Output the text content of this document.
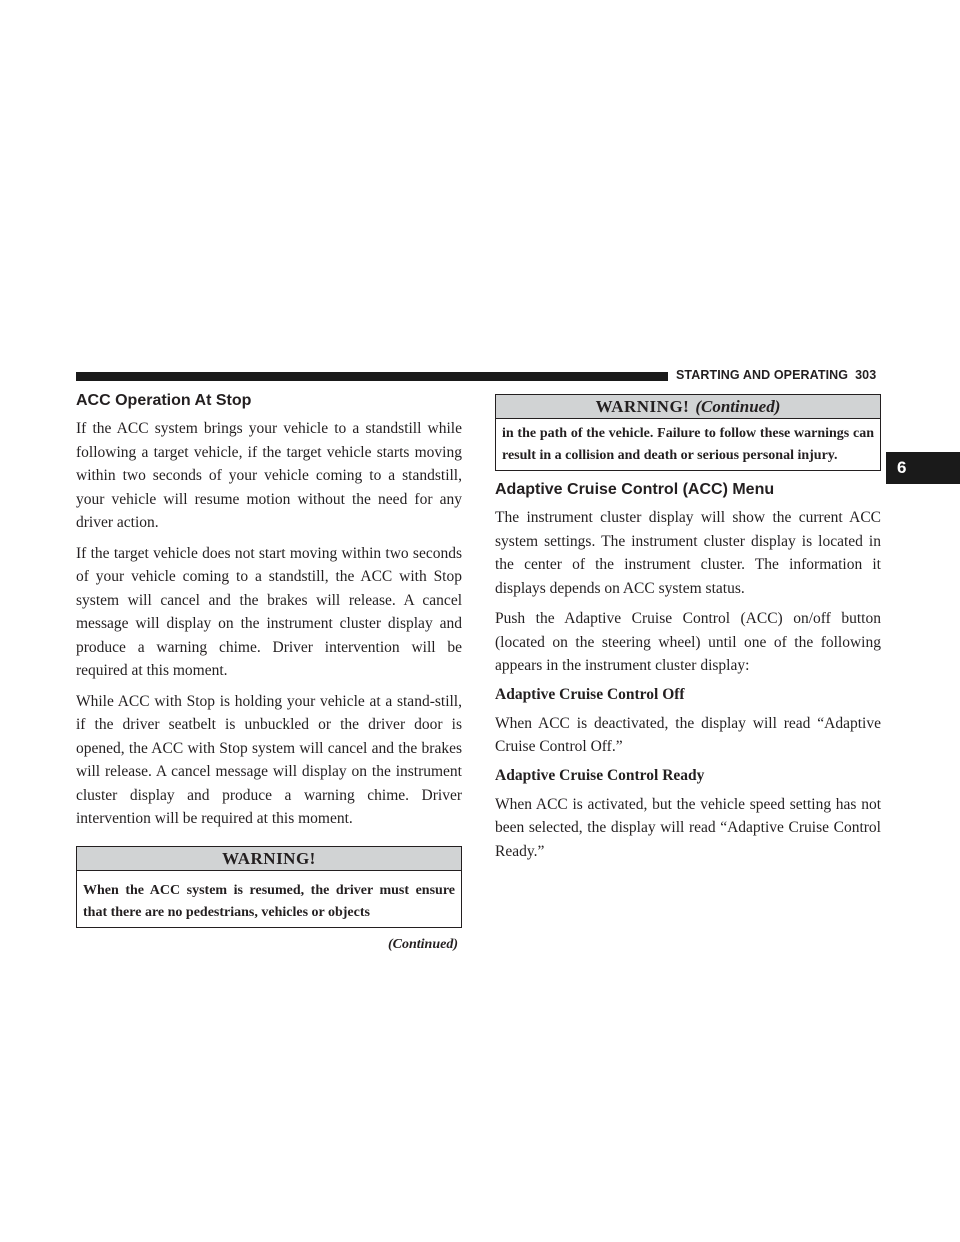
STARTING AND OPERATING 303
6
ACC Operation At Stop

If the ACC system brings your vehicle to a standstill while following a target vehicle, if the target vehicle starts moving within two seconds of your vehicle coming to a standstill, your vehicle will resume motion without the need for any driver action.

If the target vehicle does not start moving within two seconds of your vehicle coming to a standstill, the ACC with Stop system will cancel and the brakes will release. A cancel message will display on the instrument cluster display and produce a warning chime. Driver intervention will be required at this moment.

While ACC with Stop is holding your vehicle at a stand-still, if the driver seatbelt is unbuckled or the driver door is opened, the ACC with Stop system will cancel and the brakes will release. A cancel message will display on the instrument cluster display and produce a warning chime. Driver intervention will be required at this moment.

WARNING!
When the ACC system is resumed, the driver must ensure that there are no pedestrians, vehicles or objects
(Continued)
WARNING! (Continued)
in the path of the vehicle. Failure to follow these warnings can result in a collision and death or serious personal injury.
Adaptive Cruise Control (ACC) Menu

The instrument cluster display will show the current ACC system settings. The instrument cluster display is located in the center of the instrument cluster. The information it displays depends on ACC system status.

Push the Adaptive Cruise Control (ACC) on/off button (located on the steering wheel) until one of the following appears in the instrument cluster display:

Adaptive Cruise Control Off

When ACC is deactivated, the display will read “Adaptive Cruise Control Off.”

Adaptive Cruise Control Ready

When ACC is activated, but the vehicle speed setting has not been selected, the display will read “Adaptive Cruise Control Ready.”
